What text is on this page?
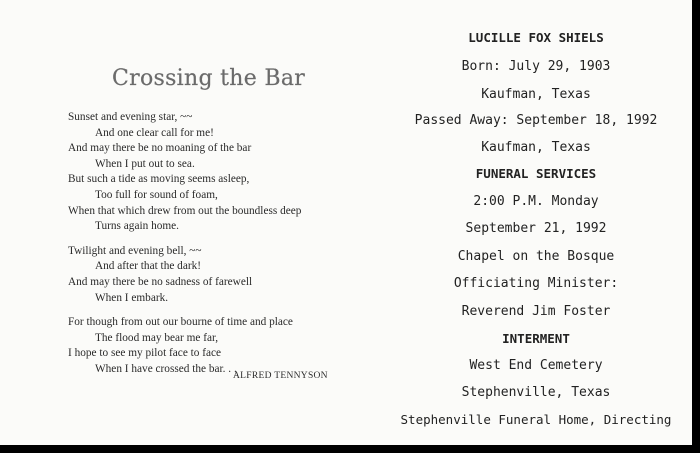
Crossing the Bar
Sunset and evening star, ~~
And one clear call for me!
And may there be no moaning of the bar
When I put out to sea.
But such a tide as moving seems asleep,
Too full for sound of foam,
When that which drew from out the boundless deep
Turns again home.
Twilight and evening bell, ~~
And after that the dark!
And may there be no sadness of farewell
When I embark.
For though from out our bourne of time and place
The flood may bear me far,
I hope to see my pilot face to face
When I have crossed the bar. . .
ALFRED TENNYSON
LUCILLE FOX SHIELS
Born: July 29, 1903
Kaufman, Texas
Passed Away: September 18, 1992
Kaufman, Texas
FUNERAL SERVICES
2:00 P.M. Monday
September 21, 1992
Chapel on the Bosque
Officiating Minister:
Reverend Jim Foster
INTERMENT
West End Cemetery
Stephenville, Texas
Stephenville Funeral Home, Directing
